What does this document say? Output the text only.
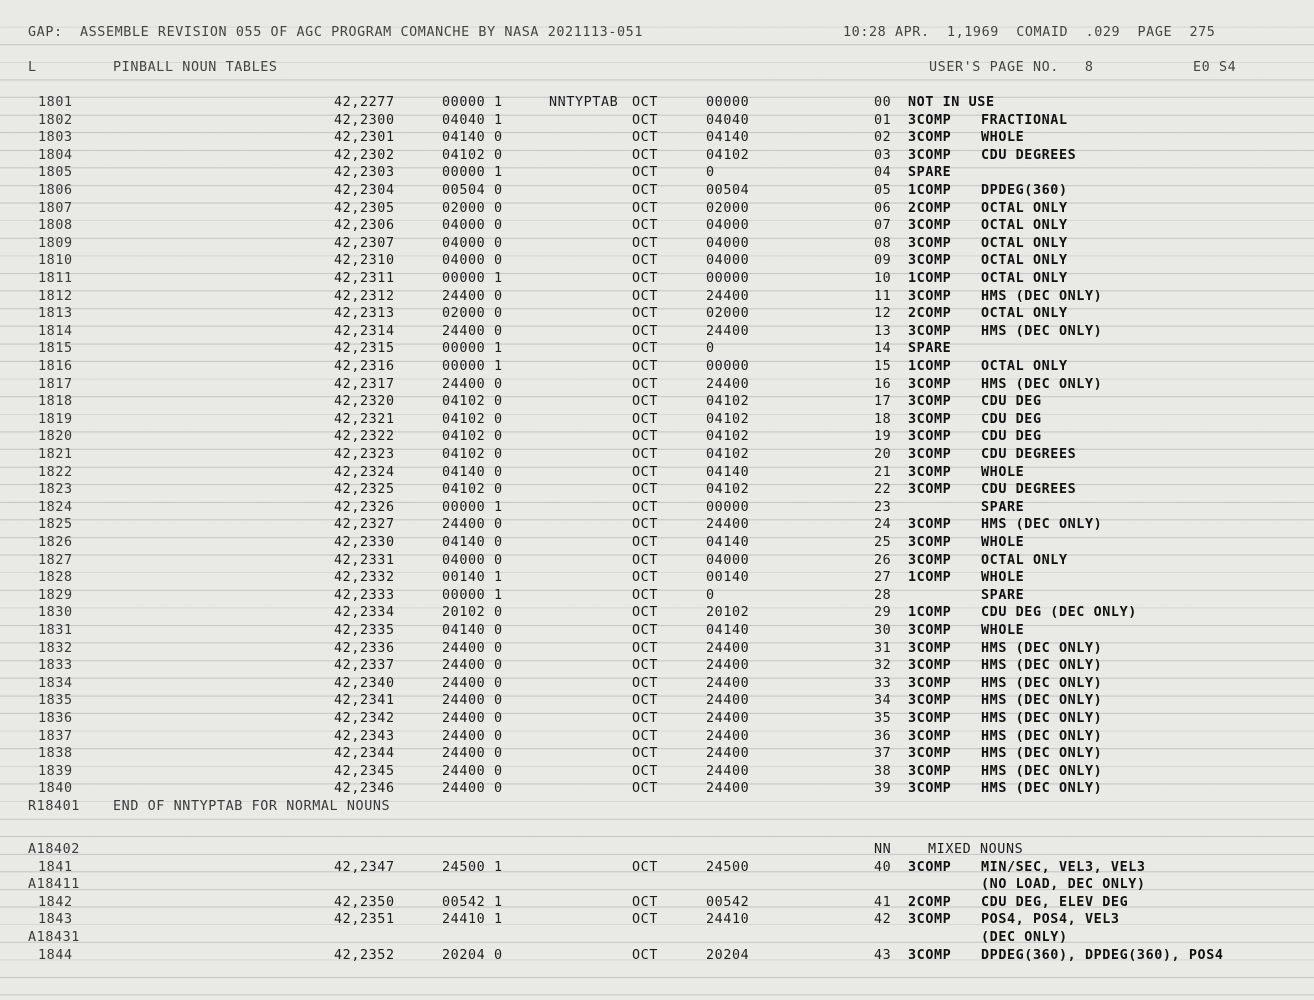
GAP:  ASSEMBLE REVISION 055 OF AGC PROGRAM COMANCHE BY NASA 2021113-051

	10:28 APR.  1,1969  COMAID  .029  PAGE  275

L

	PINBALL NOUN TABLES

	USER'S PAGE NO.   8

	E0 S4

1801	42,2277	00000 1	NNTYPTAB OCT	00000	00 NOT IN USE
1802	42,2300	04040 1	OCT	04040	01 3COMP FRACTIONAL
1803	42,2301	04140 0	OCT	04140	02 3COMP WHOLE
1804	42,2302	04102 0	OCT	04102	03 3COMP CDU DEGREES
1805	42,2303	00000 1	OCT	0	04 SPARE
1806	42,2304	00504 0	OCT	00504	05 1COMP DPDEG(360)
1807	42,2305	02000 0	OCT	02000	06 2COMP OCTAL ONLY
1808	42,2306	04000 0	OCT	04000	07 3COMP OCTAL ONLY
1809	42,2307	04000 0	OCT	04000	08 3COMP OCTAL ONLY
1810	42,2310	04000 0	OCT	04000	09 3COMP OCTAL ONLY
1811	42,2311	00000 1	OCT	00000	10 1COMP OCTAL ONLY
1812	42,2312	24400 0	OCT	24400	11 3COMP HMS (DEC ONLY)
1813	42,2313	02000 0	OCT	02000	12 2COMP OCTAL ONLY
1814	42,2314	24400 0	OCT	24400	13 3COMP HMS (DEC ONLY)
1815	42,2315	00000 1	OCT	0	14 SPARE
1816	42,2316	00000 1	OCT	00000	15 1COMP OCTAL ONLY
1817	42,2317	24400 0	OCT	24400	16 3COMP HMS (DEC ONLY)
1818	42,2320	04102 0	OCT	04102	17 3COMP CDU DEG
1819	42,2321	04102 0	OCT	04102	18 3COMP CDU DEG
1820	42,2322	04102 0	OCT	04102	19 3COMP CDU DEG
1821	42,2323	04102 0	OCT	04102	20 3COMP CDU DEGREES
1822	42,2324	04140 0	OCT	04140	21 3COMP WHOLE
1823	42,2325	04102 0	OCT	04102	22 3COMP CDU DEGREES
1824	42,2326	00000 1	OCT	00000	23	SPARE
1825	42,2327	24400 0	OCT	24400	24 3COMP HMS (DEC ONLY)
1826	42,2330	04140 0	OCT	04140	25 3COMP WHOLE
1827	42,2331	04000 0	OCT	04000	26 3COMP OCTAL ONLY
1828	42,2332	00140 1	OCT	00140	27 1COMP WHOLE
1829	42,2333	00000 1	OCT	0	28	SPARE
1830	42,2334	20102 0	OCT	20102	29 1COMP CDU DEG (DEC ONLY)
1831	42,2335	04140 0	OCT	04140	30 3COMP WHOLE
1832	42,2336	24400 0	OCT	24400	31 3COMP HMS (DEC ONLY)
1833	42,2337	24400 0	OCT	24400	32 3COMP HMS (DEC ONLY)
1834	42,2340	24400 0	OCT	24400	33 3COMP HMS (DEC ONLY)
1835	42,2341	24400 0	OCT	24400	34 3COMP HMS (DEC ONLY)
1836	42,2342	24400 0	OCT	24400	35 3COMP HMS (DEC ONLY)
1837	42,2343	24400 0	OCT	24400	36 3COMP HMS (DEC ONLY)
1838	42,2344	24400 0	OCT	24400	37 3COMP HMS (DEC ONLY)
1839	42,2345	24400 0	OCT	24400	38 3COMP HMS (DEC ONLY)
1840	42,2346	24400 0	OCT	24400	39 3COMP HMS (DEC ONLY)

R18401

END OF NNTYPTAB FOR NORMAL NOUNS

A18402

	NN

	MIXED NOUNS

1841	42,2347	24500 1	OCT	24500	40 3COMP MIN/SEC, VEL3, VEL3
A18411	(NO LOAD, DEC ONLY)
1842	42,2350	00542 1	OCT	00542	41 2COMP CDU DEG, ELEV DEG
1843	42,2351	24410 1	OCT	24410	42 3COMP POS4, POS4, VEL3
A18431	(DEC ONLY)
1844	42,2352	20204 0	OCT	20204	43 3COMP DPDEG(360), DPDEG(360), POS4
